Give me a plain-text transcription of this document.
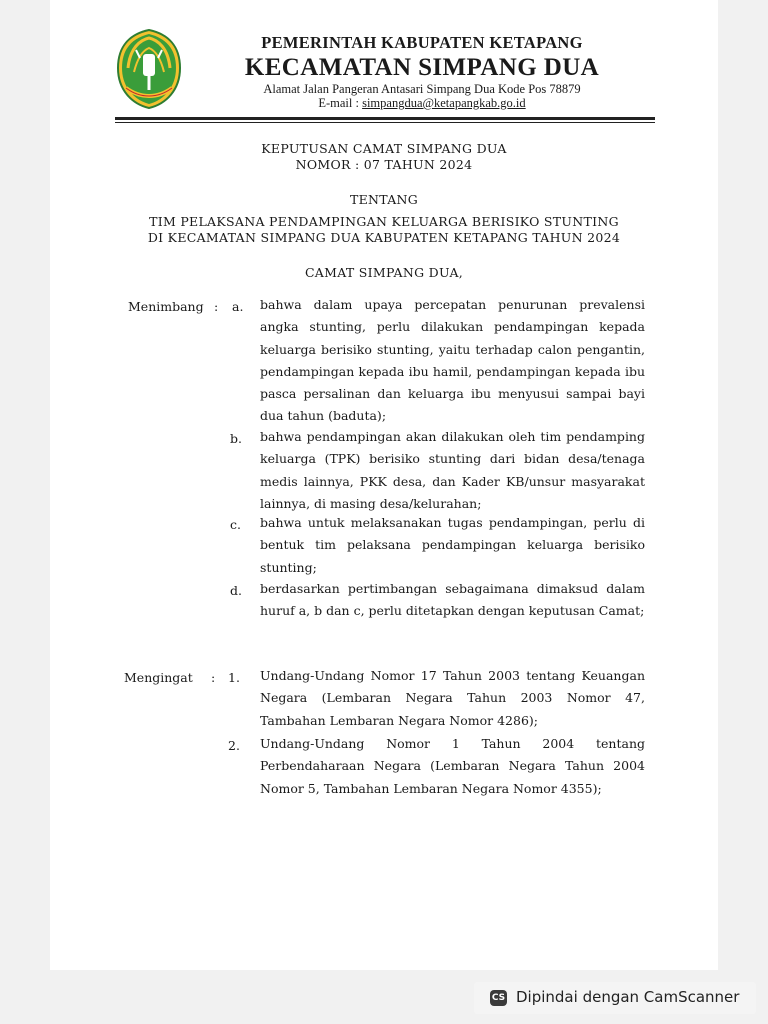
PEMERINTAH KABUPATEN KETAPANG
KECAMATAN SIMPANG DUA
Alamat Jalan Pangeran Antasari Simpang Dua Kode Pos 78879
E-mail : simpangdua@ketapangkab.go.id
KEPUTUSAN CAMAT SIMPANG DUA
NOMOR : 07 TAHUN 2024
TENTANG
TIM PELAKSANA PENDAMPINGAN KELUARGA BERISIKO STUNTING
DI KECAMATAN SIMPANG DUA KABUPATEN KETAPANG TAHUN 2024
CAMAT SIMPANG DUA,
Menimbang : a. bahwa dalam upaya percepatan penurunan prevalensi angka stunting, perlu dilakukan pendampingan kepada keluarga berisiko stunting, yaitu terhadap calon pengantin, pendampingan kepada ibu hamil, pendampingan kepada ibu pasca persalinan dan keluarga ibu menyusui sampai bayi dua tahun (baduta);
b. bahwa pendampingan akan dilakukan oleh tim pendamping keluarga (TPK) berisiko stunting dari bidan desa/tenaga medis lainnya, PKK desa, dan Kader KB/unsur masyarakat lainnya, di masing desa/kelurahan;
c. bahwa untuk melaksanakan tugas pendampingan, perlu di bentuk tim pelaksana pendampingan keluarga berisiko stunting;
d. berdasarkan pertimbangan sebagaimana dimaksud dalam huruf a, b dan c, perlu ditetapkan dengan keputusan Camat;
Mengingat : 1. Undang-Undang Nomor 17 Tahun 2003 tentang Keuangan Negara (Lembaran Negara Tahun 2003 Nomor 47, Tambahan Lembaran Negara Nomor 4286);
2. Undang-Undang Nomor 1 Tahun 2004 tentang Perbendaharaan Negara (Lembaran Negara Tahun 2004 Nomor 5, Tambahan Lembaran Negara Nomor 4355);
CS Dipindai dengan CamScanner
